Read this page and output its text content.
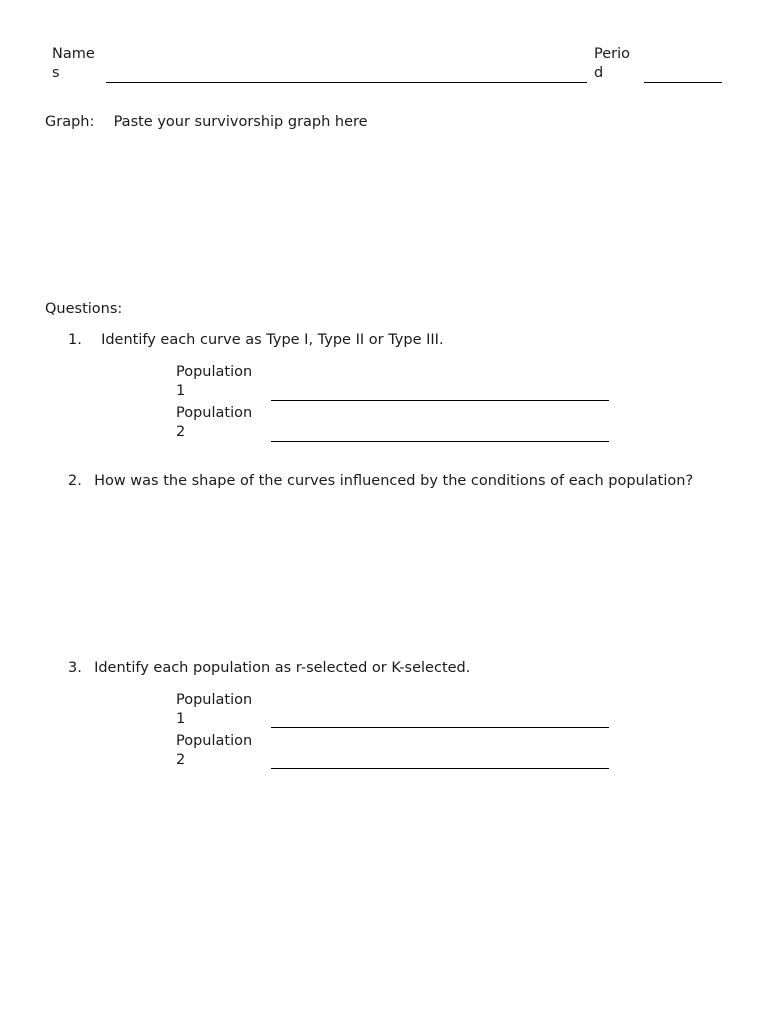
Name
s
Perio
d
Graph: Paste your survivorship graph here
Questions:
1. Identify each curve as Type I, Type II or Type III.
Population
1
Population
2
2. How was the shape of the curves influenced by the conditions of each population?
3. Identify each population as r-selected or K-selected.
Population
1
Population
2
